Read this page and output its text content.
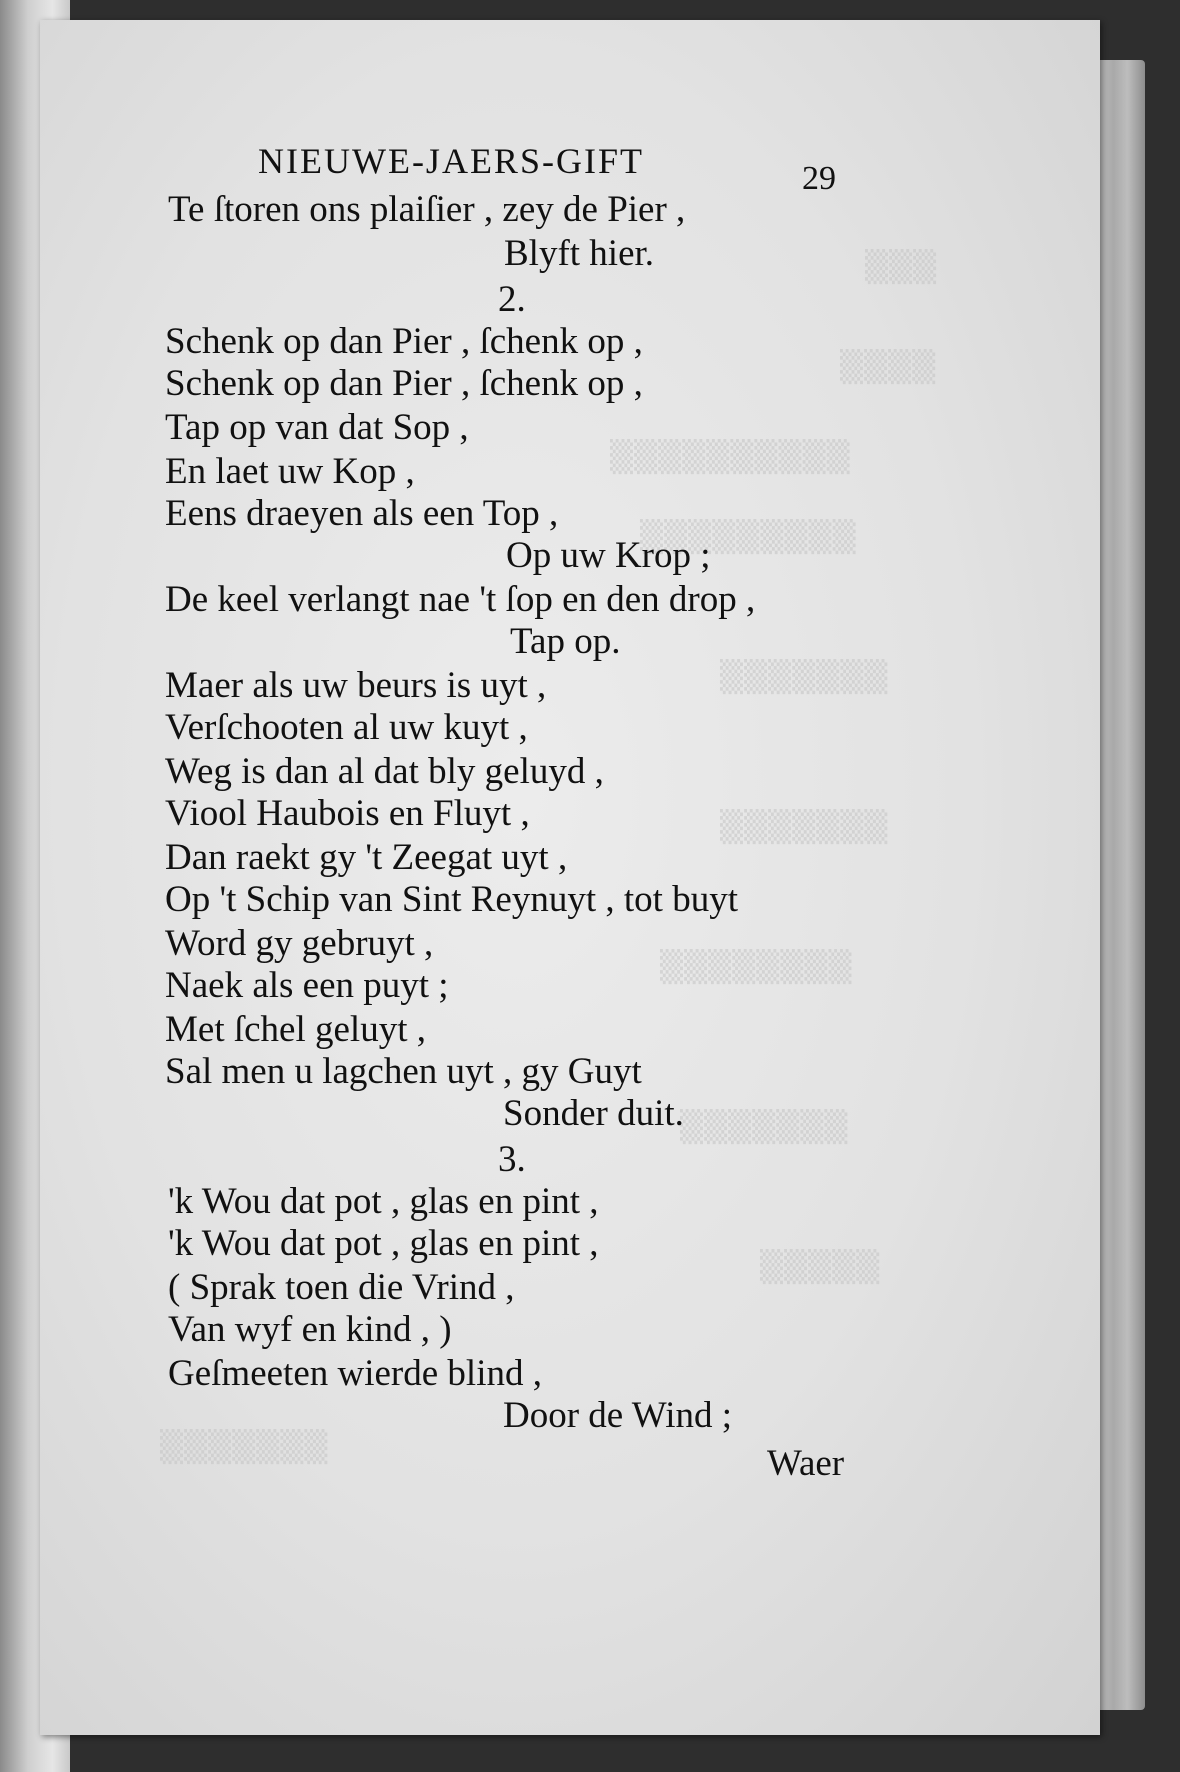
▒▒▒
▒▒▒▒
▒▒▒▒▒▒▒▒▒▒
▒▒▒▒▒▒▒▒▒
▒▒▒▒▒▒▒
▒▒▒▒▒▒▒
▒▒▒▒▒▒▒▒
▒▒▒▒▒▒▒
▒▒▒▒▒
▒▒▒▒▒▒▒
NIEUWE-JAERS-GIFT	29
Te ſtoren ons plaiſier , zey de Pier ,
Blyft hier.
2.
Schenk op dan Pier , ſchenk op ,
Schenk op dan Pier , ſchenk op ,
Tap op van dat Sop ,
En laet uw Kop ,
Eens draeyen als een Top ,
Op uw Krop ;
De keel verlangt nae 't ſop en den drop ,
Tap op.
Maer als uw beurs is uyt ,
Verſchooten al uw kuyt ,
Weg is dan al dat bly geluyd ,
Viool Haubois en Fluyt ,
Dan raekt gy 't Zeegat uyt ,
Op 't Schip van Sint Reynuyt , tot buyt
Word gy gebruyt ,
Naek als een puyt ;
Met ſchel geluyt ,
Sal men u lagchen uyt , gy Guyt
Sonder duit.
3.
'k Wou dat pot , glas en pint ,
'k Wou dat pot , glas en pint ,
( Sprak toen die Vrind ,
Van wyf en kind , )
Geſmeeten wierde blind ,
Door de Wind ;
Waer
